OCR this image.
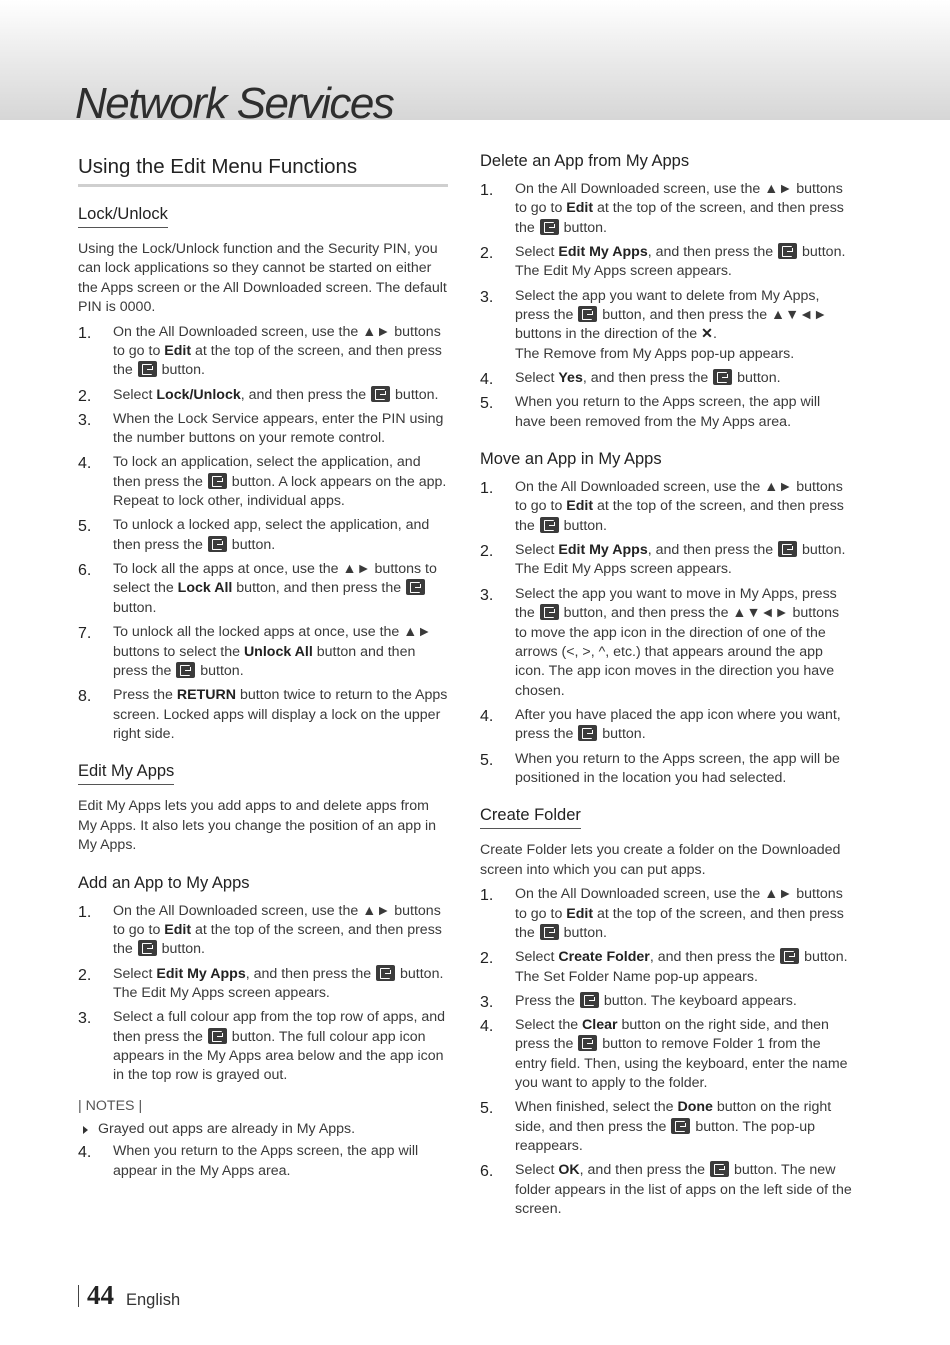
Network Services
Using the Edit Menu Functions
Lock/Unlock

Using the Lock/Unlock function and the Security PIN, you can lock applications so they cannot be started on either the Apps screen or the All Downloaded screen. The default PIN is 0000.

1. On the All Downloaded screen, use the ▲► buttons to go to Edit at the top of the screen, and then press the  button.
2. Select Lock/Unlock, and then press the  button.
3. When the Lock Service appears, enter the PIN using the number buttons on your remote control.
4. To lock an application, select the application, and then press the  button. A lock appears on the app. Repeat to lock other, individual apps.
5. To unlock a locked app, select the application, and then press the  button.
6. To lock all the apps at once, use the ▲► buttons to select the Lock All button, and then press the  button.
7. To unlock all the locked apps at once, use the ▲► buttons to select the Unlock All button and then press the  button.
8. Press the RETURN button twice to return to the Apps screen. Locked apps will display a lock on the upper right side.
Edit My Apps

Edit My Apps lets you add apps to and delete apps from My Apps. It also lets you change the position of an app in My Apps.

Add an App to My Apps
1. On the All Downloaded screen, use the ▲► buttons to go to Edit at the top of the screen, and then press the  button.
2. Select Edit My Apps, and then press the  button. The Edit My Apps screen appears.
3. Select a full colour app from the top row of apps, and then press the  button. The full colour app icon appears in the My Apps area below and the app icon in the top row is grayed out.
| NOTES |
Grayed out apps are already in My Apps.
4. When you return to the Apps screen, the app will appear in the My Apps area.
Delete an App from My Apps
1. On the All Downloaded screen, use the ▲► buttons to go to Edit at the top of the screen, and then press the  button.
2. Select Edit My Apps, and then press the  button. The Edit My Apps screen appears.
3. Select the app you want to delete from My Apps, press the  button, and then press the ▲▼◄► buttons in the direction of the ✕.
The Remove from My Apps pop-up appears.
4. Select Yes, and then press the  button.
5. When you return to the Apps screen, the app will have been removed from the My Apps area.
Move an App in My Apps
1. On the All Downloaded screen, use the ▲► buttons to go to Edit at the top of the screen, and then press the  button.
2. Select Edit My Apps, and then press the  button. The Edit My Apps screen appears.
3. Select the app you want to move in My Apps, press the  button, and then press the ▲▼◄► buttons to move the app icon in the direction of one of the arrows (<, >, ^, etc.) that appears around the app icon. The app icon moves in the direction you have chosen.
4. After you have placed the app icon where you want, press the  button.
5. When you return to the Apps screen, the app will be positioned in the location you had selected.
Create Folder

Create Folder lets you create a folder on the Downloaded screen into which you can put apps.

1. On the All Downloaded screen, use the ▲► buttons to go to Edit at the top of the screen, and then press the  button.
2. Select Create Folder, and then press the  button. The Set Folder Name pop-up appears.
3. Press the  button. The keyboard appears.
4. Select the Clear button on the right side, and then press the  button to remove Folder 1 from the entry field. Then, using the keyboard, enter the name you want to apply to the folder.
5. When finished, select the Done button on the right side, and then press the  button. The pop-up reappears.
6. Select OK, and then press the  button. The new folder appears in the list of apps on the left side of the screen.
44 English
